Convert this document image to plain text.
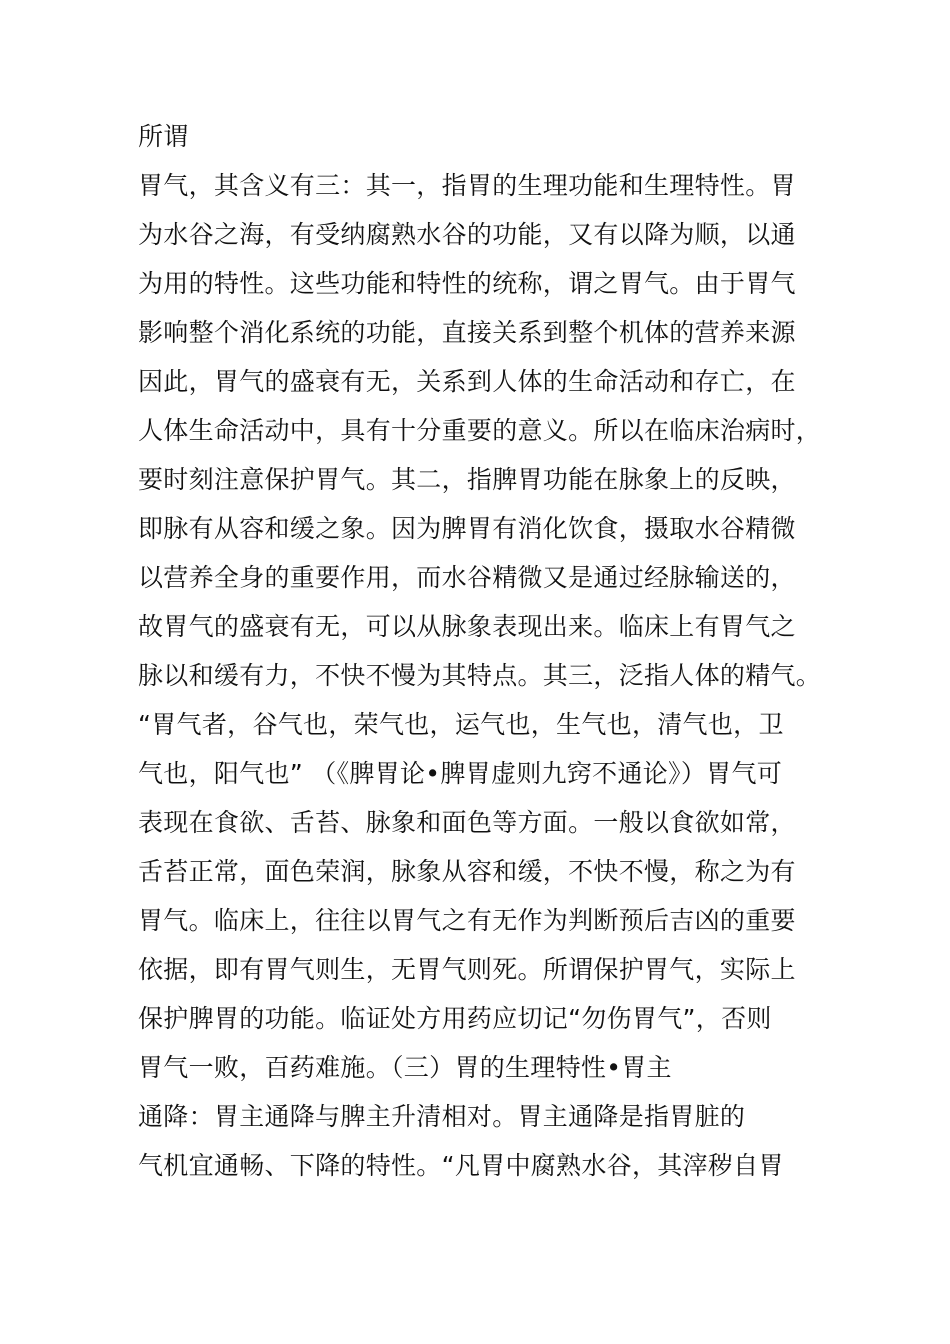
所谓
胃气，其含义有三：其一，指胃的生理功能和生理特性。胃
为水谷之海，有受纳腐熟水谷的功能，又有以降为顺，以通
为用的特性。这些功能和特性的统称，谓之胃气。由于胃气
影响整个消化系统的功能，直接关系到整个机体的营养来源
因此，胃气的盛衰有无，关系到人体的生命活动和存亡，在
人体生命活动中，具有十分重要的意义。所以在临床治病时，
要时刻注意保护胃气。其二，指脾胃功能在脉象上的反映，
即脉有从容和缓之象。因为脾胃有消化饮食，摄取水谷精微
以营养全身的重要作用，而水谷精微又是通过经脉输送的，
故胃气的盛衰有无，可以从脉象表现出来。临床上有胃气之
脉以和缓有力，不快不慢为其特点。其三，泛指人体的精气。
“胃气者，谷气也，荣气也，运气也，生气也，清气也，卫
气也，阳气也” （《脾胃论•脾胃虚则九窍不通论》）胃气可
表现在食欲、舌苔、脉象和面色等方面。一般以食欲如常，
舌苔正常，面色荣润，脉象从容和缓，不快不慢，称之为有
胃气。临床上，往往以胃气之有无作为判断预后吉凶的重要
依据，即有胃气则生，无胃气则死。所谓保护胃气，实际上
保护脾胃的功能。临证处方用药应切记“勿伤胃气”，否则
胃气一败，百药难施。（三）胃的生理特性•胃主
通降：胃主通降与脾主升清相对。胃主通降是指胃脏的
气机宜通畅、下降的特性。“凡胃中腐熟水谷，其滓秽自胃
